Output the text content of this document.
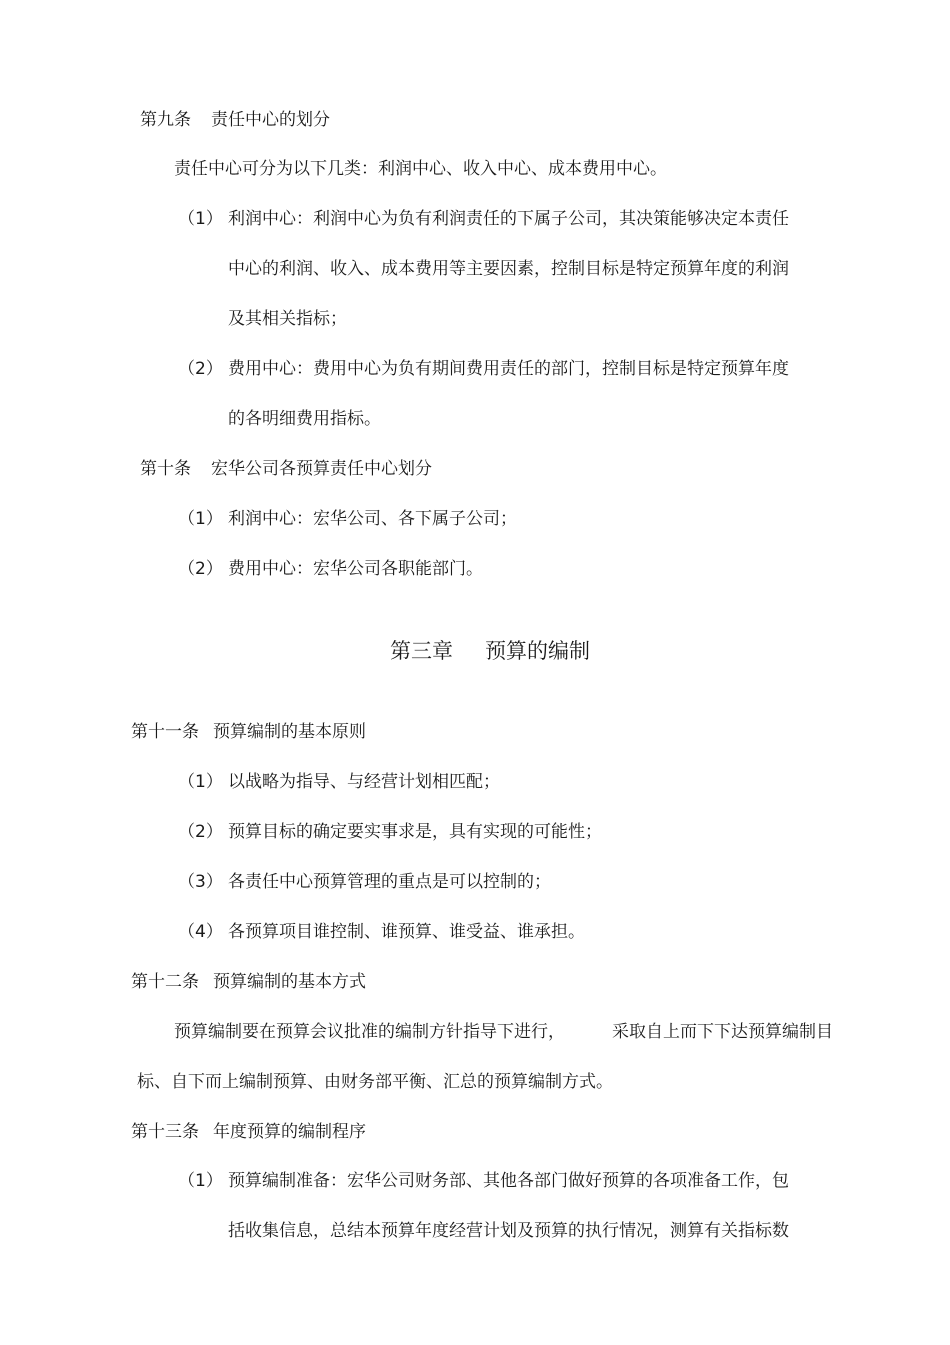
第九条 责任中心的划分
责任中心可分为以下几类：利润中心、收入中心、成本费用中心。
（1） 利润中心：利润中心为负有利润责任的下属子公司，其决策能够决定本责任
中心的利润、收入、成本费用等主要因素，控制目标是特定预算年度的利润
及其相关指标；
（2） 费用中心：费用中心为负有期间费用责任的部门，控制目标是特定预算年度
的各明细费用指标。
第十条 宏华公司各预算责任中心划分
（1） 利润中心：宏华公司、各下属子公司；
（2） 费用中心：宏华公司各职能部门。
第三章 预算的编制
第十一条 预算编制的基本原则
（1） 以战略为指导、与经营计划相匹配；
（2） 预算目标的确定要实事求是，具有实现的可能性；
（3） 各责任中心预算管理的重点是可以控制的；
（4） 各预算项目谁控制、谁预算、谁受益、谁承担。
第十二条 预算编制的基本方式
预算编制要在预算会议批准的编制方针指导下进行，	采取自上而下下达预算编制目
标、自下而上编制预算、由财务部平衡、汇总的预算编制方式。
第十三条 年度预算的编制程序
（1） 预算编制准备：宏华公司财务部、其他各部门做好预算的各项准备工作，包
括收集信息，总结本预算年度经营计划及预算的执行情况，测算有关指标数
